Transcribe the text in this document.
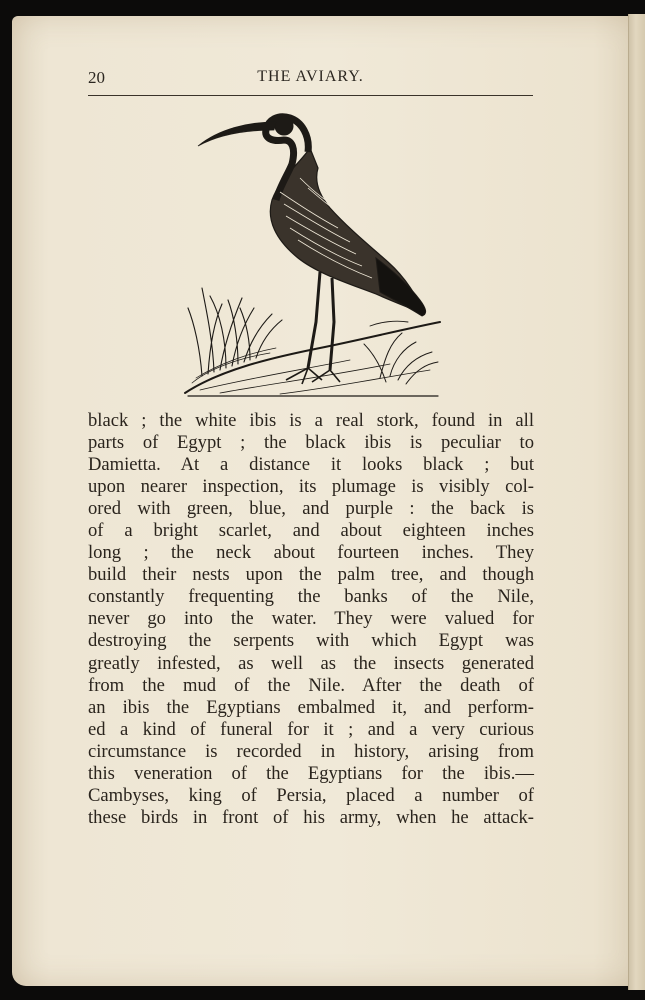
20	THE AVIARY.
black ; the white ibis is a real stork, found in all
parts of Egypt ; the black ibis is peculiar to
Damietta. At a distance it looks black ; but
upon nearer inspection, its plumage is visibly col-
ored with green, blue, and purple : the back is
of a bright scarlet, and about eighteen inches
long ; the neck about fourteen inches. They
build their nests upon the palm tree, and though
constantly frequenting the banks of the Nile,
never go into the water. They were valued for
destroying the serpents with which Egypt was
greatly infested, as well as the insects generated
from the mud of the Nile. After the death of
an ibis the Egyptians embalmed it, and perform-
ed a kind of funeral for it ; and a very curious
circumstance is recorded in history, arising from
this veneration of the Egyptians for the ibis.—
Cambyses, king of Persia, placed a number of
these birds in front of his army, when he attack-
